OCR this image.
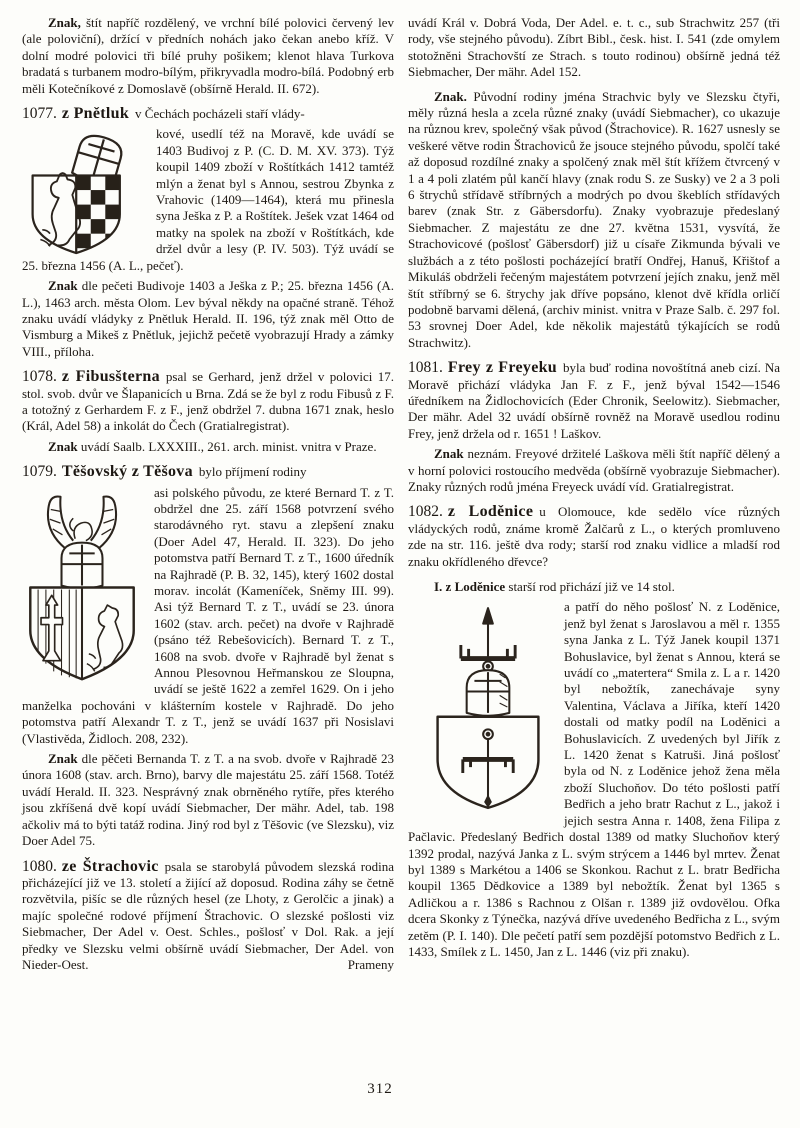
Znak, štít napříč rozdělený, ve vrchní bílé polovici červený lev (ale poloviční), držící v předních nohách jako čekan anebo kříž. V dolní modré polovici tři bílé pruhy pošikem; klenot hlava Turkova bradatá s turbanem modro-bílým, přikryvadla modro-bílá. Podobný erb měli Kotečníkové z Domoslavě (obšírně Herald. II. 672).

1077. z Pnětluk v Čechách pocházeli staří vlády-

kové, usedlí též na Moravě, kde uvádí se 1403 Budivoj z P. (C. D. M. XV. 373). Týž koupil 1409 zboží v Roštítkách 1412 tamtéž mlýn a ženat byl s Annou, sestrou Zbynka z Vrahovic (1409—1464), která mu přinesla syna Ješka z P. a Roštítek. Ješek vzat 1464 od matky na spolek na zboží v Roštítkách, kde držel dvůr a lesy (P. IV. 503). Týž uvádí se 25. března 1456 (A. L., pečeť).

Znak dle pečeti Budivoje 1403 a Ješka z P.; 25. března 1456 (A. L.), 1463 arch. města Olom. Lev býval někdy na opačné straně. Téhož znaku uvádí vládyky z Pnětluk Herald. II. 196, týž znak měl Otto de Vismburg a Mikeš z Pnětluk, jejichž pečetě vyobrazují Hrady a zámky VIII., příloha.

1078. z Fibusšterna psal se Gerhard, jenž držel v polovici 17. stol. svob. dvůr ve Šlapanicích u Brna. Zdá se že byl z rodu Fibusů z F. a totožný z Gerhardem F. z F., jenž obdržel 7. dubna 1671 znak, heslo (Král, Adel 58) a inkolát do Čech (Gratialregistrat).

Znak uvádí Saalb. LXXXIII., 261. arch. minist. vnitra v Praze.

1079. Těšovský z Těšova bylo příjmení rodiny

asi polského původu, ze které Bernard T. z T. obdržel dne 25. září 1568 potvrzení svého starodávného ryt. stavu a zlepšení znaku (Doer Adel 47, Herald. II. 323). Do jeho potomstva patří Bernard T. z T., 1600 úředník na Rajhradě (P. B. 32, 145), který 1602 dostal morav. incolát (Kameníček, Sněmy III. 99). Asi týž Bernard T. z T., uvádí se 23. února 1602 (stav. arch. pečet) na dvoře v Rajhradě (psáno též Rebešovicích). Bernard T. z T., 1608 na svob. dvoře v Rajhradě byl ženat s Annou Plesovnou Heřmanskou ze Sloupna, uvádí se ještě 1622 a zemřel 1629. On i jeho manželka pochováni v klášterním kostele v Rajhradě. Do jeho potomstva patří Alexandr T. z T., jenž se uvádí 1637 při Nosislavi (Vlastivěda, Židloch. 208, 232).

Znak dle pěčeti Bernanda T. z T. a na svob. dvoře v Rajhradě 23 února 1608 (stav. arch. Brno), barvy dle majestátu 25. září 1568. Totéž uvádí Herald. II. 323. Nesprávný znak obrněného rytíře, přes kterého jsou zkříšená dvě kopí uvádí Siebmacher, Der mähr. Adel, tab. 198 ačkoliv má to býti tatáž rodina. Jiný rod byl z Těšovic (ve Slezsku), viz Doer Adel 75.

1080. ze Štrachovic psala se starobylá původem slezská rodina přicházející již ve 13. století a žijící až doposud. Rodina záhy se četně rozvětvila, pišíc se dle různých hesel (ze Lhoty, z Gerolčic a jinak) a majíc společné rodové příjmení Štrachovic. O slezské pošlosti viz Siebmacher, Der Adel v. Oest. Schles., pošlosť v Dol. Rak. a její předky ve Slezsku velmi obšírně uvádí Siebmacher, Der Adel. von Nieder-Oest. Prameny

uvádí Král v. Dobrá Voda, Der Adel. e. t. c., sub Strachwitz 257 (tři rody, vše stejného původu). Zíbrt Bibl., česk. hist. I. 541 (zde omylem stotožněni Strachovští ze Strach. s touto rodinou) obšírně jedná též Siebmacher, Der mähr. Adel 152.

Znak. Původní rodiny jména Strachvic byly ve Slezsku čtyři, měly různá hesla a zcela různé znaky (uvádí Siebmacher), co ukazuje na různou krev, společný však původ (Štrachovice). R. 1627 usnesly se veškeré větve rodin Štrachoviců že jsouce stejného původu, spolčí také až doposud rozdílné znaky a spolčený znak měl štít křížem čtvrcený v 1 a 4 poli zlatém půl kančí hlavy (znak rodu S. ze Susky) ve 2 a 3 poli 6 štrychů střídavě stříbrných a modrých po dvou škeblích střídavých barev (znak Str. z Gäbersdorfu). Znaky vyobrazuje předeslaný Siebmacher. Z majestátu ze dne 27. května 1531, vysvítá, že Strachovicové (pošlosť Gäbersdorf) již u císaře Zikmunda bývali ve službách a z této pošlosti pocházející bratří Ondřej, Hanuš, Křištof a Mikuláš obdrželi řečeným majestátem potvrzení jejích znaku, jenž měl štít stříbrný se 6. štrychy jak dříve popsáno, klenot dvě křídla orličí podobně barvami dělená, (archiv minist. vnitra v Praze Salb. č. 297 fol. 53 srovnej Doer Adel, kde několik majestátů týkajících se rodů Strachwitz).

1081. Frey z Freyeku byla buď rodina novoštítná aneb cizí. Na Moravě přichází vládyka Jan F. z F., jenž býval 1542—1546 úředníkem na Židlochovicích (Eder Chronik, Seelowitz). Siebmacher, Der mähr. Adel 32 uvádí obšírně rovněž na Moravě usedlou rodinu Frey, jenž držela od r. 1651 ! Laškov.

Znak neznám. Freyové držitelé Laškova měli štít napříč dělený a v horní polovici rostoucího medvěda (obšírně vyobrazuje Siebmacher). Znaky různých rodů jména Freyeck uvádí víd. Gratialregistrat.

1082. z Loděnice u Olomouce, kde sedělo více různých vládyckých rodů, známe kromě Žalčarů z L., o kterých promluveno zde na str. 116. ještě dva rody; starší rod znaku vidlice a mladší rod znaku okřídleného dřevce?

I. z Loděnice starší rod přichází již ve 14 stol.

a patří do něho pošlosť N. z Loděnice, jenž byl ženat s Jaroslavou a měl r. 1355 syna Janka z L. Týž Janek koupil 1371 Bohuslavice, byl ženat s Annou, která se uvádí co „matertera“ Smila z. L a r. 1420 byl nebožtík, zanechávaje syny Valentina, Václava a Jiříka, kteří 1420 dostali od matky podíl na Loděnici a Bohuslavicích. Z uvedených byl Jiřík z L. 1420 ženat s Katruši. Jiná pošlosť byla od N. z Loděnice jehož žena měla zboží Sluchoňov. Do této pošlosti patří Bedřich a jeho bratr Rachut z L., jakož i jejich sestra Anna r. 1408, žena Filipa z Pačlavic. Předeslaný Bedřich dostal 1389 od matky Sluchoňov který 1392 prodal, nazývá Janka z L. svým strýcem a 1446 byl mrtev. Ženat byl 1389 s Markétou a 1406 se Skonkou. Rachut z L. bratr Bedřicha koupil 1365 Dědkovice a 1389 byl nebožtík. Ženat byl 1365 s Adličkou a r. 1386 s Rachnou z Olšan r. 1389 již ovdovělou. Ofka dcera Skonky z Týnečka, nazývá dříve uvedeného Bedřicha z L., svým zetěm (P. I. 140). Dle pečetí patří sem pozdější potomstvo Bedřich z L. 1433, Smílek z L. 1450, Jan z L. 1446 (viz při znaku).

312
